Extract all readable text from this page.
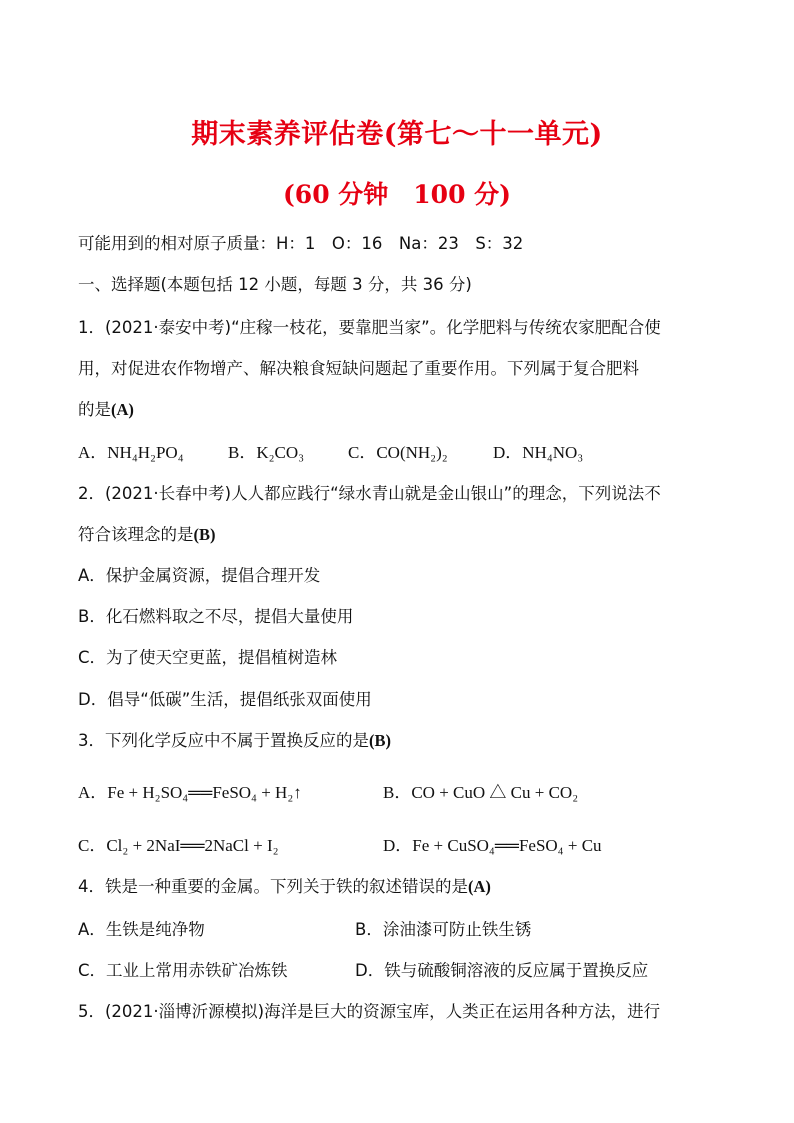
期末素养评估卷(第七～十一单元)
(60 分钟　100 分)
可能用到的相对原子质量：H：1　O：16　Na：23　S：32
一、选择题(本题包括 12 小题，每题 3 分，共 36 分)
1．(2021·泰安中考)“庄稼一枝花，要靠肥当家”。化学肥料与传统农家肥配合使
用，对促进农作物增产、解决粮食短缺问题起了重要作用。下列属于复合肥料
的是(A)
A．NH₄H₂PO₄	B．K₂CO₃	C．CO(NH₂)₂	D．NH₄NO₃
2．(2021·长春中考)人人都应践行“绿水青山就是金山银山”的理念，下列说法不
符合该理念的是(B)
A．保护金属资源，提倡合理开发
B．化石燃料取之不尽，提倡大量使用
C．为了使天空更蓝，提倡植树造林
D．倡导“低碳”生活，提倡纸张双面使用
3．下列化学反应中不属于置换反应的是(B)
A．Fe + H₂SO₄══FeSO₄ + H₂↑	B．CO + CuO △ Cu + CO₂
C．Cl₂ + 2NaI══2NaCl + I₂	D．Fe + CuSO₄══FeSO₄ + Cu
4．铁是一种重要的金属。下列关于铁的叙述错误的是(A)
A．生铁是纯净物	B．涂油漆可防止铁生锈
C．工业上常用赤铁矿冶炼铁	D．铁与硫酸铜溶液的反应属于置换反应
5．(2021·淄博沂源模拟)海洋是巨大的资源宝库，人类正在运用各种方法，进行
